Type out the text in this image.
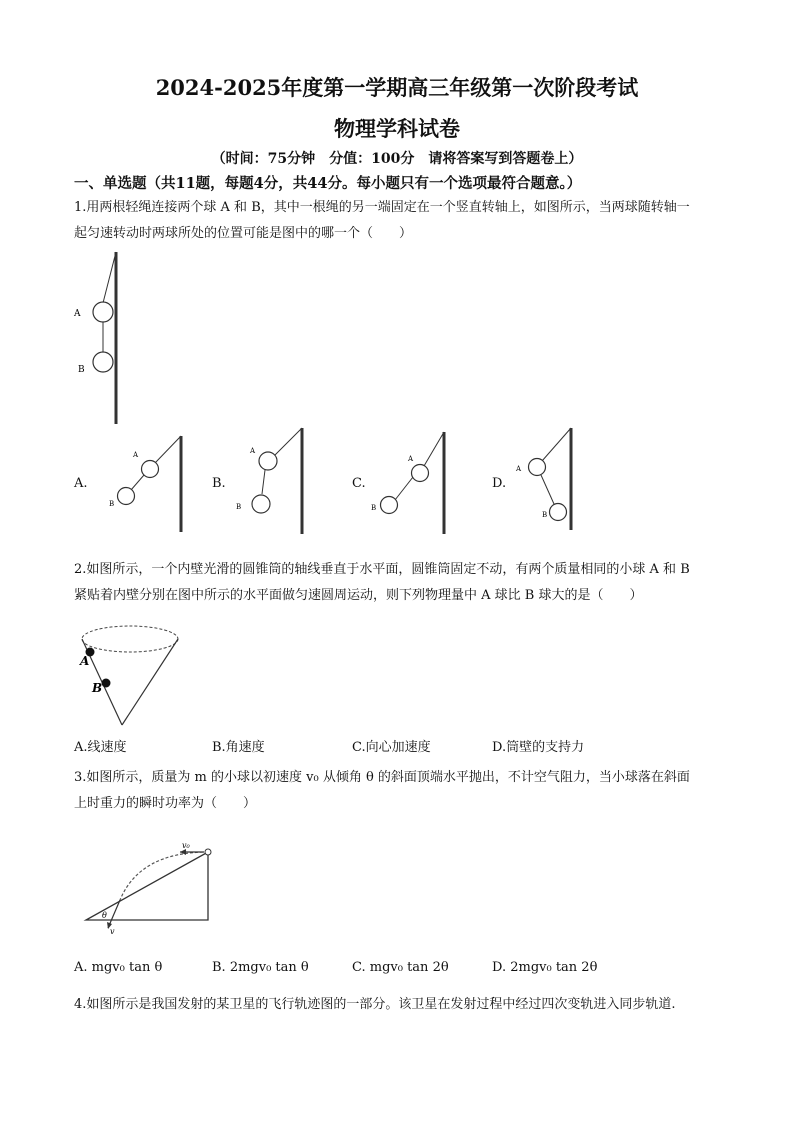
2024-2025年度第一学期高三年级第一次阶段考试
物理学科试卷
（时间：75分钟　分值：100分　请将答案写到答题卷上）
一、单选题（共11题，每题4分，共44分。每小题只有一个选项最符合题意。）
1.用两根轻绳连接两个球 A 和 B，其中一根绳的另一端固定在一个竖直转轴上，如图所示，当两球随转轴一
起匀速转动时两球所处的位置可能是图中的哪一个（　　）
A
B
A.
A
B
B.
A
B
C.
A
B
D.
A
B
2.如图所示，一个内壁光滑的圆锥筒的轴线垂直于水平面，圆锥筒固定不动，有两个质量相同的小球 A 和 B
紧贴着内壁分别在图中所示的水平面做匀速圆周运动，则下列物理量中 A 球比 B 球大的是（　　）
A
B
A.线速度	B.角速度	C.向心加速度	D.筒壁的支持力
3.如图所示，质量为 m 的小球以初速度 v₀ 从倾角 θ 的斜面顶端水平抛出，不计空气阻力，当小球落在斜面
上时重力的瞬时功率为（　　）
v₀
θ
v
A. mgv₀ tan θ	B. 2mgv₀ tan θ	C. mgv₀ tan 2θ	D. 2mgv₀ tan 2θ
4.如图所示是我国发射的某卫星的飞行轨迹图的一部分。该卫星在发射过程中经过四次变轨进入同步轨道.
